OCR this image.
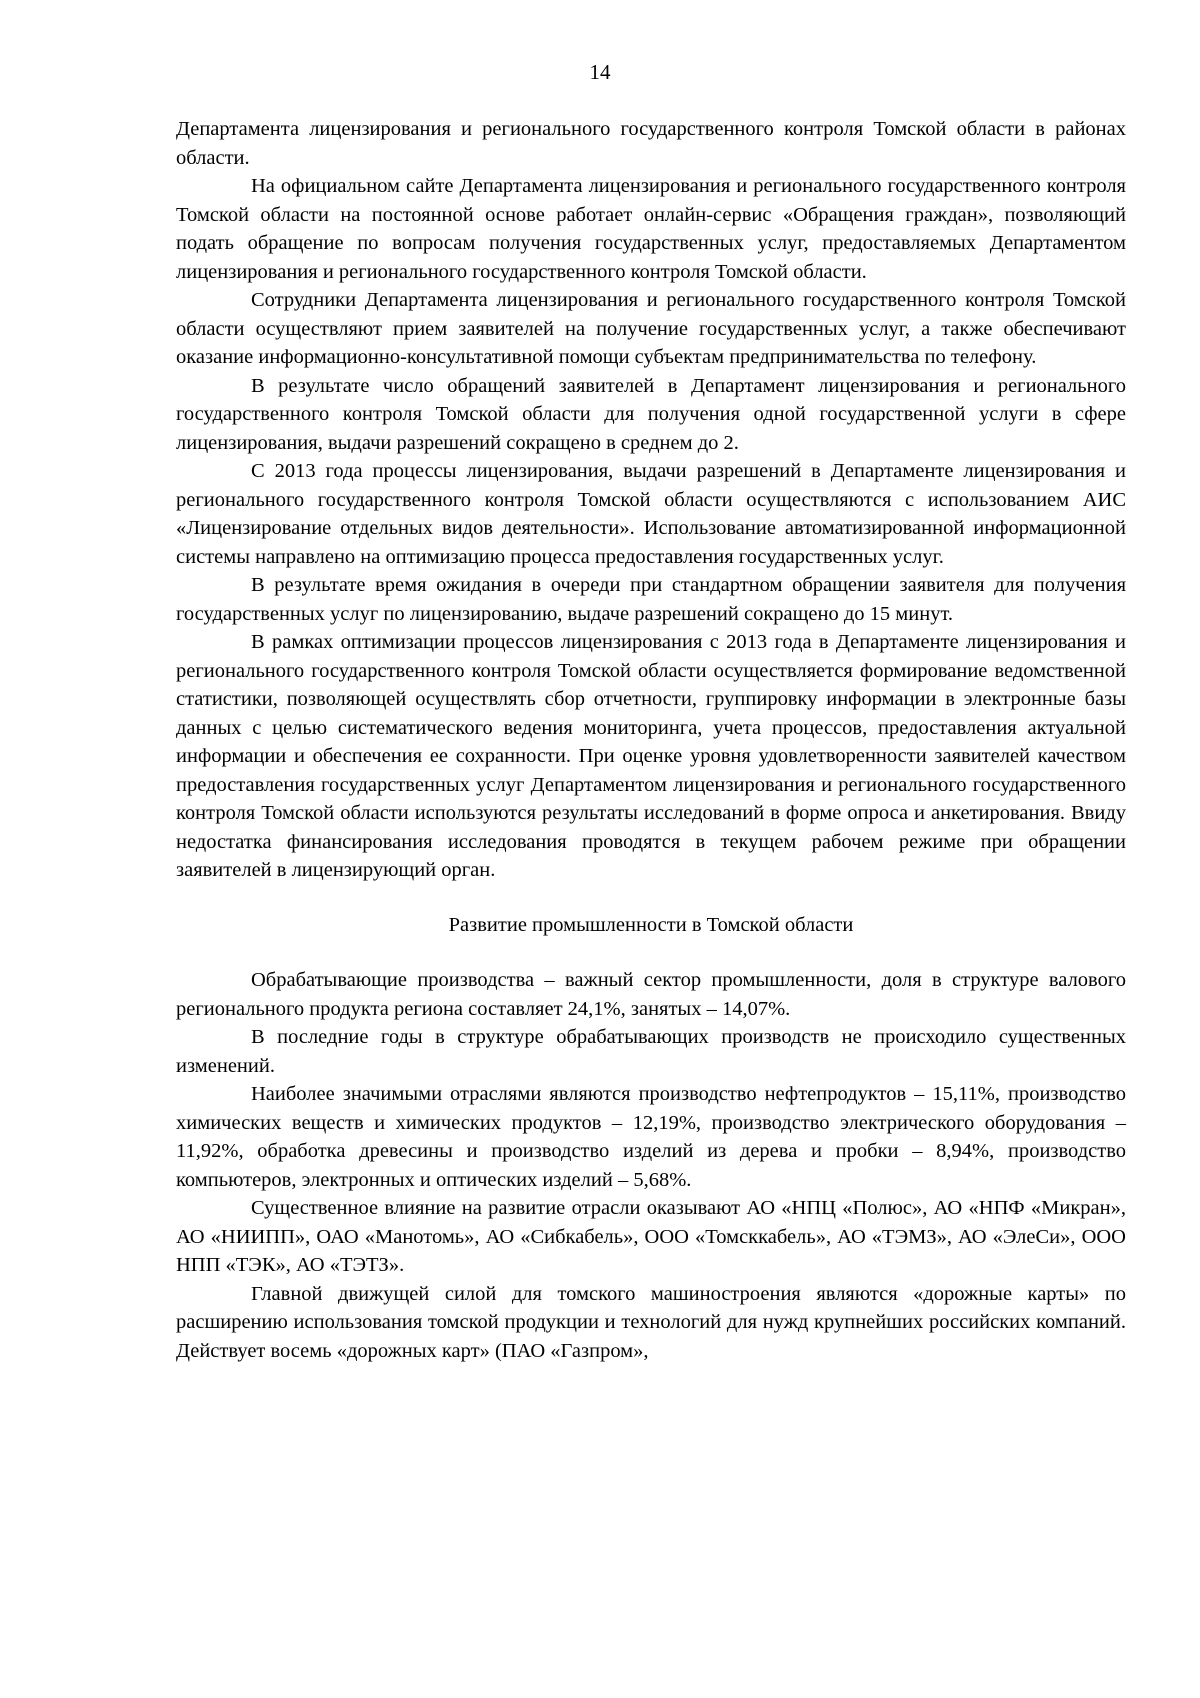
14

Департамента лицензирования и регионального государственного контроля Томской области в районах области.

На официальном сайте Департамента лицензирования и регионального государственного контроля Томской области на постоянной основе работает онлайн-сервис «Обращения граждан», позволяющий подать обращение по вопросам получения государственных услуг, предоставляемых Департаментом лицензирования и регионального государственного контроля Томской области.

Сотрудники Департамента лицензирования и регионального государственного контроля Томской области осуществляют прием заявителей на получение государственных услуг, а также обеспечивают оказание информационно-консультативной помощи субъектам предпринимательства по телефону.

В результате число обращений заявителей в Департамент лицензирования и регионального государственного контроля Томской области для получения одной государственной услуги в сфере лицензирования, выдачи разрешений сокращено в среднем до 2.

С 2013 года процессы лицензирования, выдачи разрешений в Департаменте лицензирования и регионального государственного контроля Томской области осуществляются с использованием АИС «Лицензирование отдельных видов деятельности». Использование автоматизированной информационной системы направлено на оптимизацию процесса предоставления государственных услуг.

В результате время ожидания в очереди при стандартном обращении заявителя для получения государственных услуг по лицензированию, выдаче разрешений сокращено до 15 минут.

В рамках оптимизации процессов лицензирования с 2013 года в Департаменте лицензирования и регионального государственного контроля Томской области осуществляется формирование ведомственной статистики, позволяющей осуществлять сбор отчетности, группировку информации в электронные базы данных с целью систематического ведения мониторинга, учета процессов, предоставления актуальной информации и обеспечения ее сохранности. При оценке уровня удовлетворенности заявителей качеством предоставления государственных услуг Департаментом лицензирования и регионального государственного контроля Томской области используются результаты исследований в форме опроса и анкетирования. Ввиду недостатка финансирования исследования проводятся в текущем рабочем режиме при обращении заявителей в лицензирующий орган.

Развитие промышленности в Томской области

Обрабатывающие производства – важный сектор промышленности, доля в структуре валового регионального продукта региона составляет 24,1%, занятых – 14,07%.

В последние годы в структуре обрабатывающих производств не происходило существенных изменений.

Наиболее значимыми отраслями являются производство нефтепродуктов – 15,11%, производство химических веществ и химических продуктов – 12,19%, производство электрического оборудования – 11,92%, обработка древесины и производство изделий из дерева и пробки – 8,94%, производство компьютеров, электронных и оптических изделий – 5,68%.

Существенное влияние на развитие отрасли оказывают АО «НПЦ «Полюс», АО «НПФ «Микран», АО «НИИПП», ОАО «Манотомь», АО «Сибкабель», ООО «Томсккабель», АО «ТЭМЗ», АО «ЭлеСи», ООО НПП «ТЭК», АО «ТЭТЗ».

Главной движущей силой для томского машиностроения являются «дорожные карты» по расширению использования томской продукции и технологий для нужд крупнейших российских компаний. Действует восемь «дорожных карт» (ПАО «Газпром»,
